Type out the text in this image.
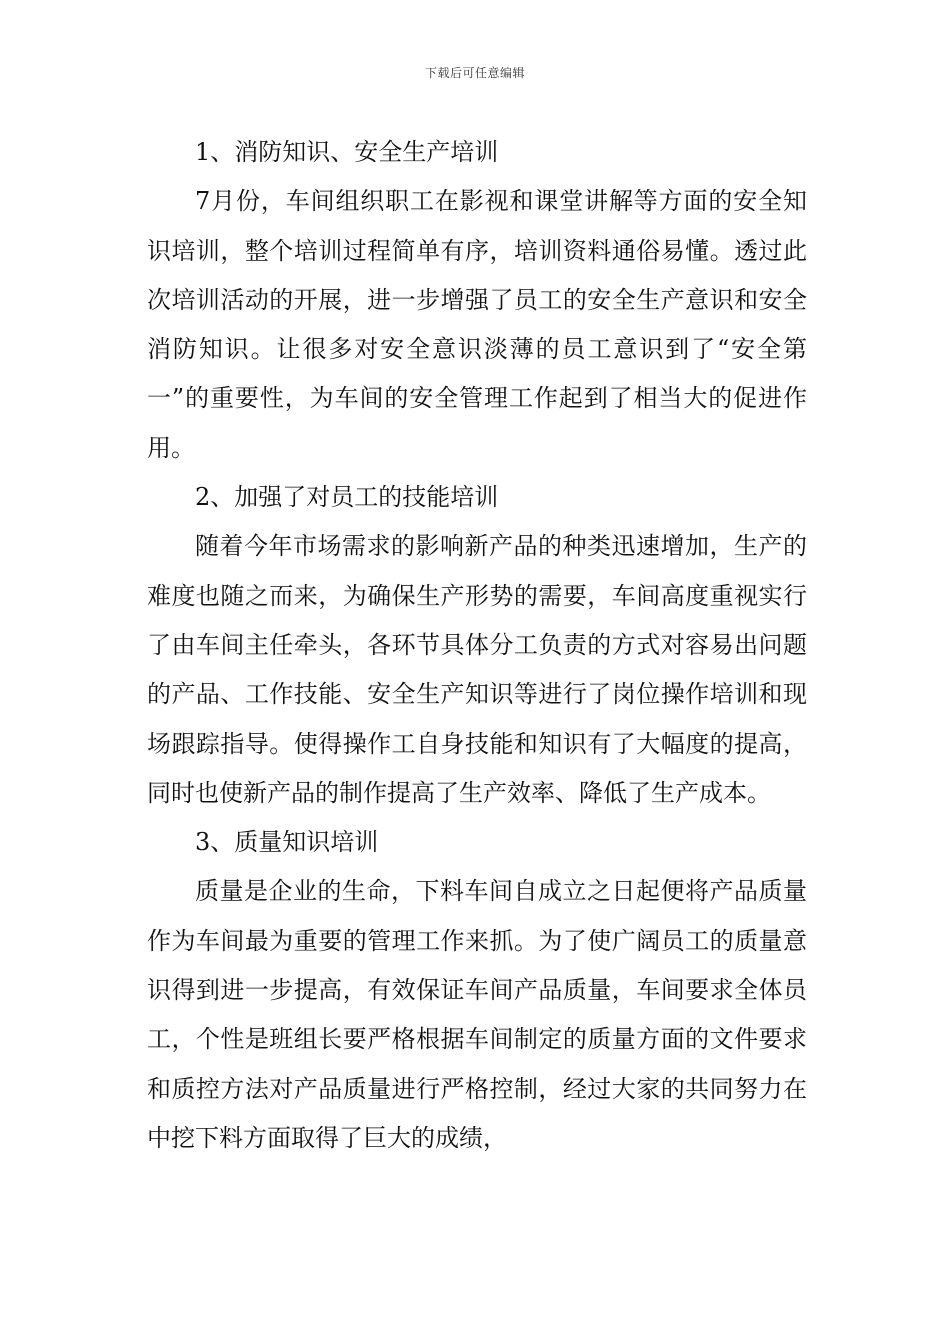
下载后可任意编辑

1、消防知识、安全生产培训

7月份，车间组织职工在影视和课堂讲解等方面的安全知识培训，整个培训过程简单有序，培训资料通俗易懂。透过此次培训活动的开展，进一步增强了员工的安全生产意识和安全消防知识。让很多对安全意识淡薄的员工意识到了“安全第一”的重要性，为车间的安全管理工作起到了相当大的促进作用。

2、加强了对员工的技能培训

随着今年市场需求的影响新产品的种类迅速增加，生产的难度也随之而来，为确保生产形势的需要，车间高度重视实行了由车间主任牵头，各环节具体分工负责的方式对容易出问题的产品、工作技能、安全生产知识等进行了岗位操作培训和现场跟踪指导。使得操作工自身技能和知识有了大幅度的提高，同时也使新产品的制作提高了生产效率、降低了生产成本。

3、质量知识培训

质量是企业的生命，下料车间自成立之日起便将产品质量作为车间最为重要的管理工作来抓。为了使广阔员工的质量意识得到进一步提高，有效保证车间产品质量，车间要求全体员工，个性是班组长要严格根据车间制定的质量方面的文件要求和质控方法对产品质量进行严格控制，经过大家的共同努力在中挖下料方面取得了巨大的成绩，
